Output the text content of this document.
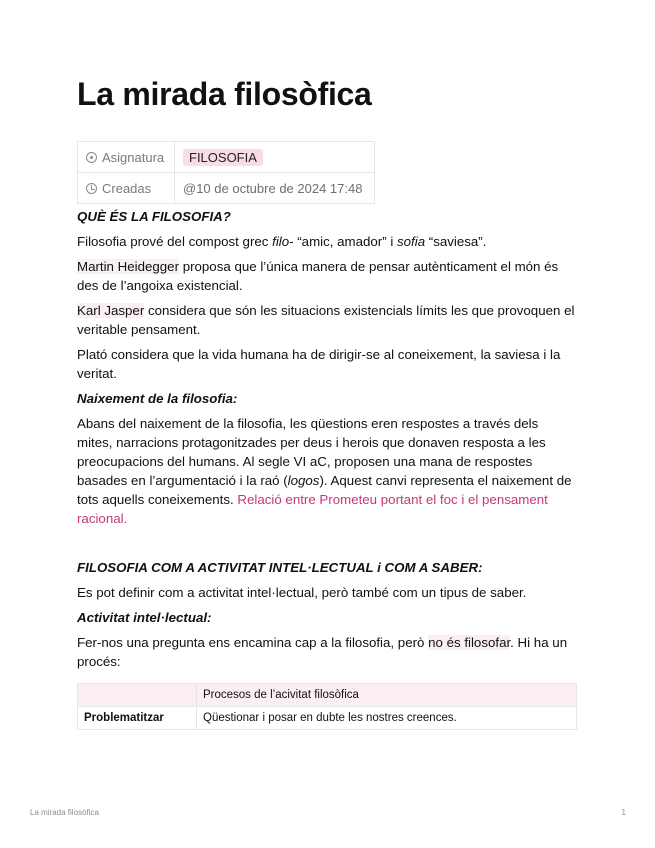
La mirada filosòfica
Asignatura	FILOSOFIA
Creadas	@10 de octubre de 2024 17:48

QUÈ ÉS LA FILOSOFIA?

Filosofia prové del compost grec filo- “amic, amador” i sofia “saviesa”.

Martin Heidegger proposa que l’única manera de pensar autènticament el món és des de l’angoixa existencial.

Karl Jasper considera que són les situacions existencials límits les que provoquen el veritable pensament.

Plató considera que la vida humana ha de dirigir-se al coneixement, la saviesa i la veritat.

Naixement de la filosofia:

Abans del naixement de la filosofia, les qüestions eren respostes a través dels mites, narracions protagonitzades per deus i herois que donaven resposta a les preocupacions del humans. Al segle VI aC, proposen una mana de respostes basades en l’argumentació i la raó (logos). Aquest canvi representa el naixement de tots aquells coneixements. Relació entre Prometeu portant el foc i el pensament racional.

FILOSOFIA COM A ACTIVITAT INTEL·LECTUAL i COM A SABER:

Es pot definir com a activitat intel·lectual, però també com un tipus de saber.

Activitat intel·lectual:

Fer-nos una pregunta ens encamina cap a la filosofia, però no és filosofar. Hi ha un procés:

	Procesos de l’acivitat filosòfica
Problematitzar	Qüestionar i posar en dubte les nostres creences.
La mirada filosòfica	1
